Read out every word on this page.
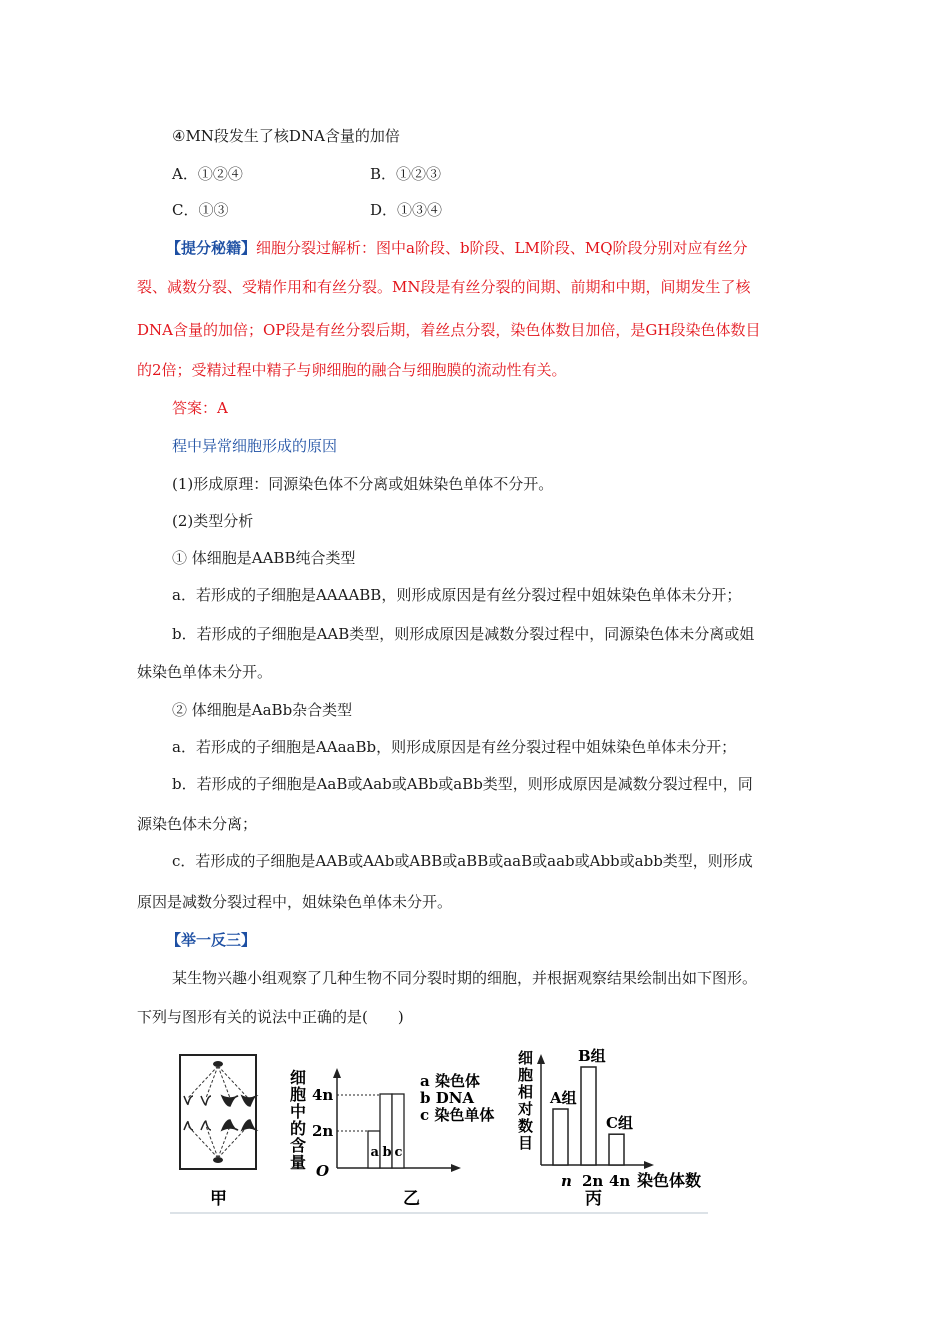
④MN段发生了核DNA含量的加倍
A．①②④	B．①②③
C．①③	D．①③④
【提分秘籍】细胞分裂过解析：图中a阶段、b阶段、LM阶段、MQ阶段分别对应有丝分
裂、减数分裂、受精作用和有丝分裂。MN段是有丝分裂的间期、前期和中期，间期发生了核
DNA含量的加倍；OP段是有丝分裂后期，着丝点分裂，染色体数目加倍，是GH段染色体数目
的2倍；受精过程中精子与卵细胞的融合与细胞膜的流动性有关。
答案：A
程中异常细胞形成的原因
(1)形成原理：同源染色体不分离或姐妹染色单体不分开。
(2)类型分析
① 体细胞是AABB纯合类型
a．若形成的子细胞是AAAABB，则形成原因是有丝分裂过程中姐妹染色单体未分开；
b．若形成的子细胞是AAB类型，则形成原因是减数分裂过程中，同源染色体未分离或姐
妹染色单体未分开。
② 体细胞是AaBb杂合类型
a．若形成的子细胞是AAaaBb，则形成原因是有丝分裂过程中姐妹染色单体未分开；
b．若形成的子细胞是AaB或Aab或ABb或aBb类型，则形成原因是减数分裂过程中，同
源染色体未分离；
c．若形成的子细胞是AAB或AAb或ABB或aBB或aaB或aab或Abb或abb类型，则形成
原因是减数分裂过程中，姐妹染色单体未分开。
【举一反三】
某生物兴趣小组观察了几种生物不同分裂时期的细胞，并根据观察结果绘制出如下图形。
下列与图形有关的说法中正确的是(　　)
甲
细
胞
中
的
含
量
a b c
4n
2n
O
a 染色体
b DNA
c 染色单体
乙
细
胞
相
对
数
目
A组
B组
C组
n 2n 4n 染色体数
丙
